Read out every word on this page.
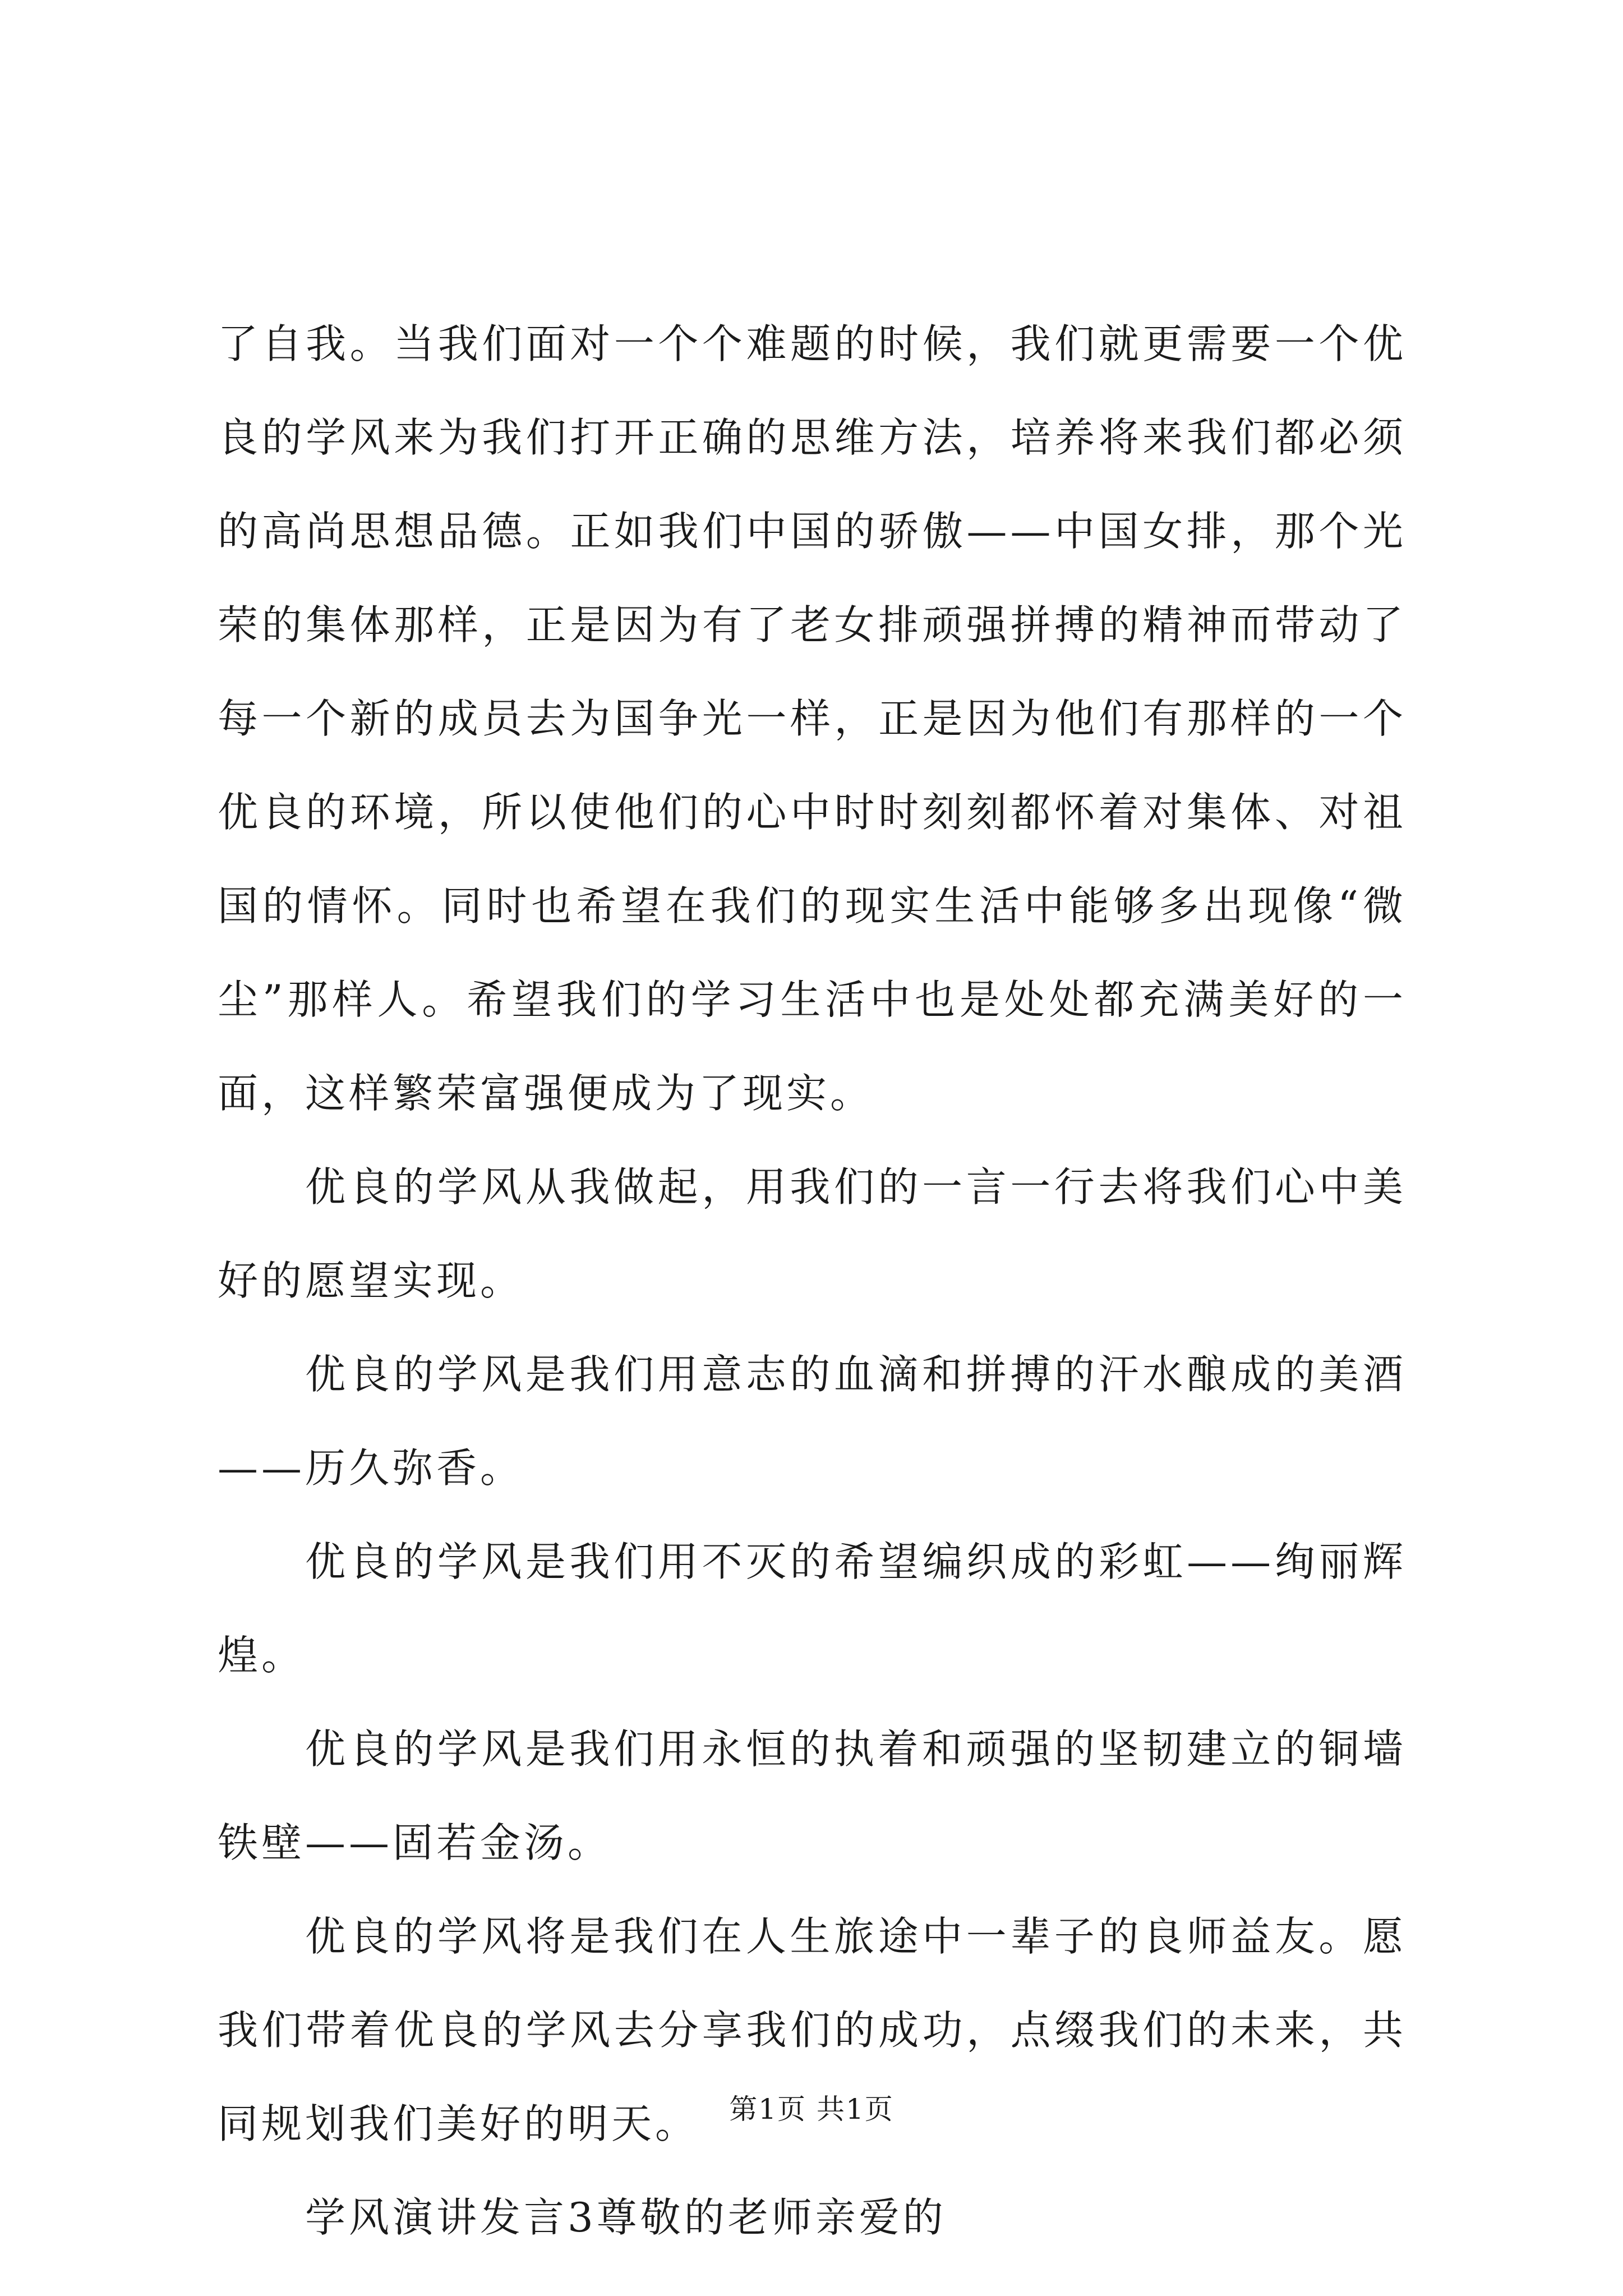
了自我。当我们面对一个个难题的时候，我们就更需要一个优良的学风来为我们打开正确的思维方法，培养将来我们都必须的高尚思想品德。正如我们中国的骄傲——中国女排，那个光荣的集体那样，正是因为有了老女排顽强拼搏的精神而带动了每一个新的成员去为国争光一样，正是因为他们有那样的一个优良的环境，所以使他们的心中时时刻刻都怀着对集体、对祖国的情怀。同时也希望在我们的现实生活中能够多出现像“微尘”那样人。希望我们的学习生活中也是处处都充满美好的一面，这样繁荣富强便成为了现实。

优良的学风从我做起，用我们的一言一行去将我们心中美好的愿望实现。

优良的学风是我们用意志的血滴和拼搏的汗水酿成的美酒——历久弥香。

优良的学风是我们用不灭的希望编织成的彩虹——绚丽辉煌。

优良的学风是我们用永恒的执着和顽强的坚韧建立的铜墙铁壁——固若金汤。

优良的学风将是我们在人生旅途中一辈子的良师益友。愿我们带着优良的学风去分享我们的成功，点缀我们的未来，共同规划我们美好的明天。

学风演讲发言3尊敬的老师亲爱的

第1页 共1页
